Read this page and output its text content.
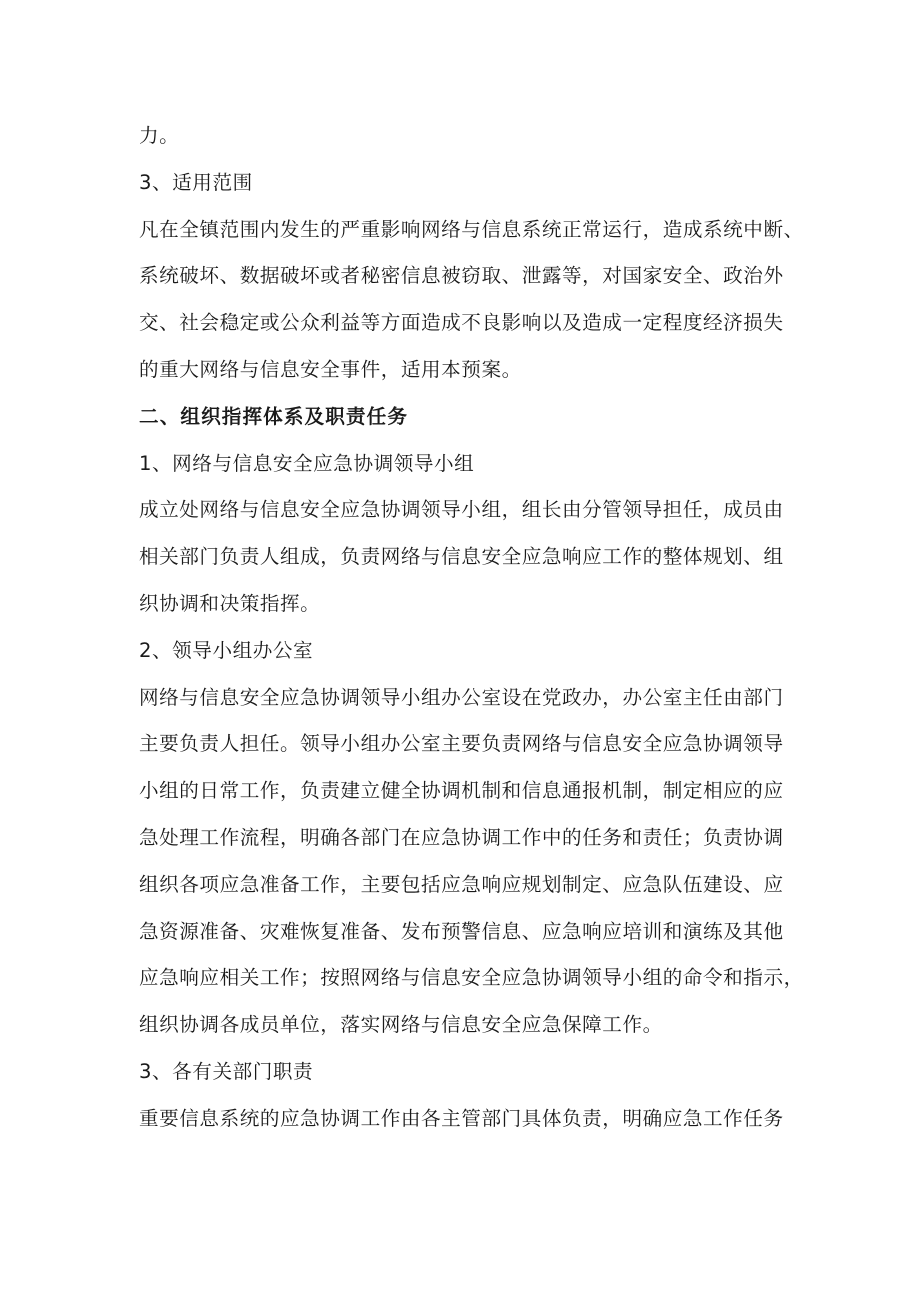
力。
3、适用范围
凡在全镇范围内发生的严重影响网络与信息系统正常运行，造成系统中断、
系统破坏、数据破坏或者秘密信息被窃取、泄露等，对国家安全、政治外
交、社会稳定或公众利益等方面造成不良影响以及造成一定程度经济损失
的重大网络与信息安全事件，适用本预案。
二、组织指挥体系及职责任务
1、网络与信息安全应急协调领导小组
成立处网络与信息安全应急协调领导小组，组长由分管领导担任，成员由
相关部门负责人组成，负责网络与信息安全应急响应工作的整体规划、组
织协调和决策指挥。
2、领导小组办公室
网络与信息安全应急协调领导小组办公室设在党政办，办公室主任由部门
主要负责人担任。领导小组办公室主要负责网络与信息安全应急协调领导
小组的日常工作，负责建立健全协调机制和信息通报机制，制定相应的应
急处理工作流程，明确各部门在应急协调工作中的任务和责任；负责协调
组织各项应急准备工作，主要包括应急响应规划制定、应急队伍建设、应
急资源准备、灾难恢复准备、发布预警信息、应急响应培训和演练及其他
应急响应相关工作；按照网络与信息安全应急协调领导小组的命令和指示，
组织协调各成员单位，落实网络与信息安全应急保障工作。
3、各有关部门职责
重要信息系统的应急协调工作由各主管部门具体负责，明确应急工作任务
